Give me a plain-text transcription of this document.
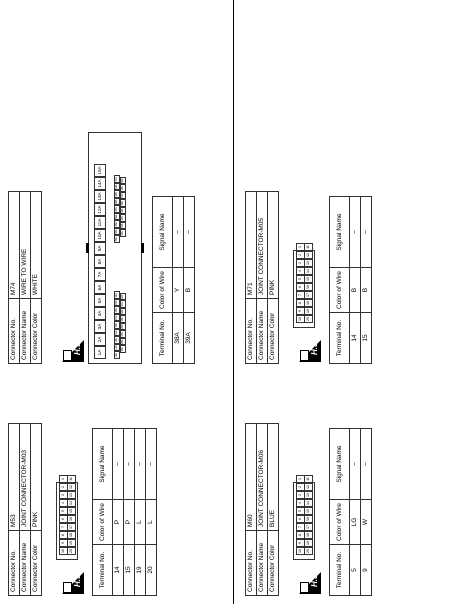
Connector No.	M53
Connector Name	JOINT CONNECTOR-M03
Connector Color	PINK
H.S.
10
9
8
7
6
5
4
3
2
1
20
19
18
17
16
15
14
13
12
11
Terminal No.	Color of Wire	Signal Name
14	P	–
15	P	–
19	L	–
20	L	–
Connector No.	M60
Connector Name	JOINT CONNECTOR-M06
Connector Color	BLUE
H.S.
10
9
8
7
6
5
4
3
2
1
20
19
18
17
16
15
14
13
12
11
Terminal No.	Color of Wire	Signal Name
5	LG	–
9	W	–
Connector No.	M71
Connector Name	JOINT CONNECTOR-M05
Connector Color	PINK
H.S.
10
9
8
7
6
5
4
3
2
1
20
19
18
17
16
15
14
13
12
11
Terminal No.	Color of Wire	Signal Name
14	B	–
15	B	–
Connector No.	M74
Connector Name	WIRE TO WIRE
Connector Color	WHITE
H.S.	1A
2A
3A
4A
5A
6A
7A
8A
9A
10A
11A
12A
13A
14A
15A
16A
17A
18A
19A
20A
21A
22A
23A
24A
25A
26A
27A
28A
29A
30A
31A
32A
33A
34A
35A
36A
37A
38A
39A
40A
41A
42A
43A
44A
45A
46A
47A
48A
49A
Terminal No.	Color of Wire	Signal Name
38A	Y	–
39A	B	–
